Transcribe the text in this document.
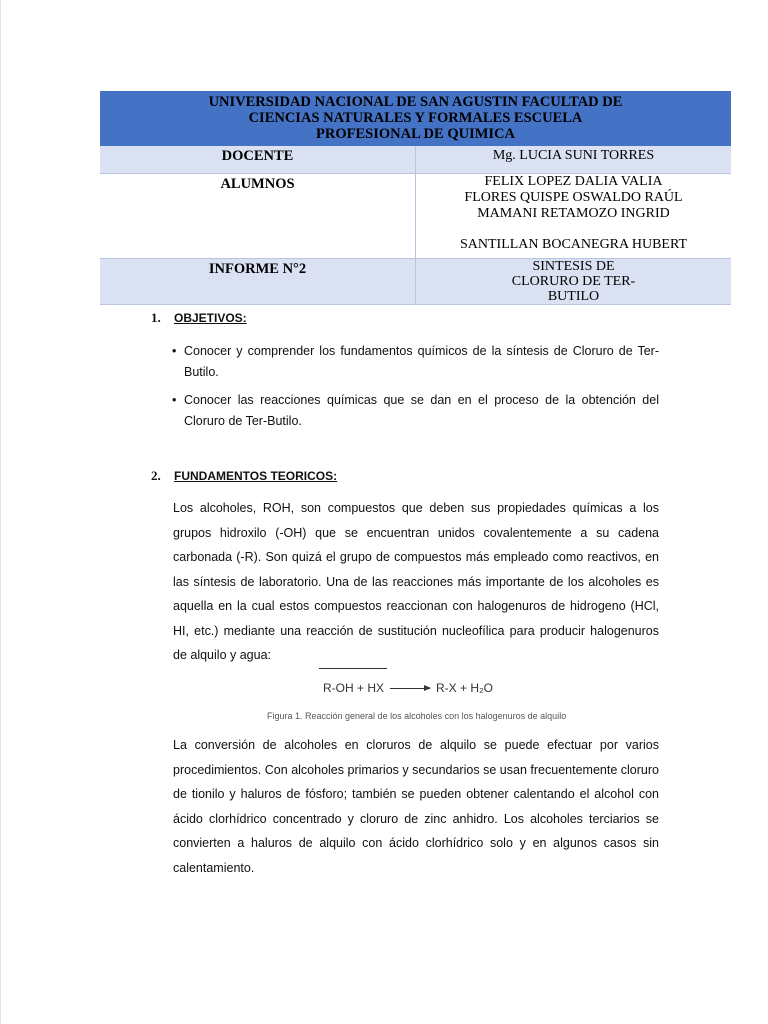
UNIVERSIDAD NACIONAL DE SAN AGUSTIN FACULTAD DE
CIENCIAS NATURALES Y FORMALES ESCUELA
PROFESIONAL DE QUIMICA	

DOCENTE	Mg. LUCIA SUNI TORRES
ALUMNOS	FELIX LOPEZ DALIA VALIA
FLORES QUISPE OSWALDO RAÚL
MAMANI RETAMOZO INGRID
SANTILLAN BOCANEGRA HUBERT

INFORME N°2	SINTESIS DE CLORURO DE TER-BUTILO
1. OBJETIVOS:
• Conocer y comprender los fundamentos químicos de la síntesis de Cloruro de Ter-Butilo.
• Conocer las reacciones químicas que se dan en el proceso de la obtención del Cloruro de Ter-Butilo.
2. FUNDAMENTOS TEORICOS:

Los alcoholes, ROH, son compuestos que deben sus propiedades químicas a los grupos hidroxilo (-OH) que se encuentran unidos covalentemente a su cadena carbonada (-R). Son quizá el grupo de compuestos más empleado como reactivos, en las síntesis de laboratorio. Una de las reacciones más importante de los alcoholes es aquella en la cual estos compuestos reaccionan con halogenuros de hidrogeno (HCl, HI, etc.) mediante una reacción de sustitución nucleofílica para producir halogenuros de alquilo y agua:

R-OH + HX	R-X + H₂O
Figura 1. Reacción general de los alcoholes con los halogenuros de alquilo

La conversión de alcoholes en cloruros de alquilo se puede efectuar por varios procedimientos. Con alcoholes primarios y secundarios se usan frecuentemente cloruro de tionilo y haluros de fósforo; también se pueden obtener calentando el alcohol con ácido clorhídrico concentrado y cloruro de zinc anhidro. Los alcoholes terciarios se convierten a haluros de alquilo con ácido clorhídrico solo y en algunos casos sin calentamiento.
